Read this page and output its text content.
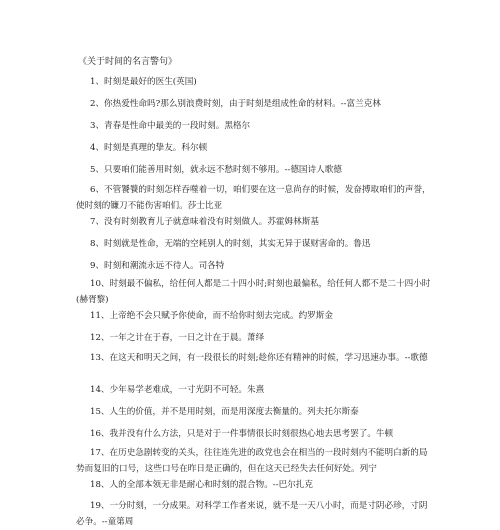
《关于时间的名言警句》
1、时刻是最好的医生(英国)
2、你热爱性命吗?那么别浪费时刻，由于时刻是组成性命的材料。--富兰克林
3、青春是性命中最美的一段时刻。黑格尔
4、时刻是真理的挚友。科尔顿
5、只要咱们能善用时刻，就永远不愁时刻不够用。--德国诗人歌德
6、不管饕餮的时刻怎样吞噬着一切，咱们要在这一息尚存的时候，发奋搏取咱们的声誉，使时刻的镰刀不能伤害咱们。莎士比亚
7、没有时刻教育儿子就意味着没有时刻做人。苏霍姆林斯基
8、时刻就是性命，无端的空耗别人的时刻，其实无异于谋财害命的。鲁迅
9、时刻和潮流永远不待人。司各特
10、时刻最不偏私，给任何人都是二十四小时;时刻也最偏私，给任何人都不是二十四小时(赫胥黎)
11、上帝绝不会只赋予你使命，而不给你时刻去完成。约罗斯金
12、一年之计在于春，一日之计在于晨。萧绎
13、在这天和明天之间，有一段很长的时刻;趁你还有精神的时候，学习迅速办事。--歌德
14、少年易学老难成，一寸光阴不可轻。朱熹
15、人生的价值，并不是用时刻，而是用深度去衡量的。列夫托尔斯泰
16、我并没有什么方法，只是对于一件事情很长时刻很热心地去思考罢了。牛顿
17、在历史急剧转变的关头，往往连先进的政党也会在相当的一段时刻内不能明白新的局势而复旧的口号，这些口号在昨日是正确的，但在这天已经失去任何好处。列宁
18、人的全部本领无非是耐心和时刻的混合物。--巴尔扎克
19、一分时刻，一分成果。对科学工作者来说，就不是一天八小时，而是寸阴必珍，寸阴必争。--童第周
